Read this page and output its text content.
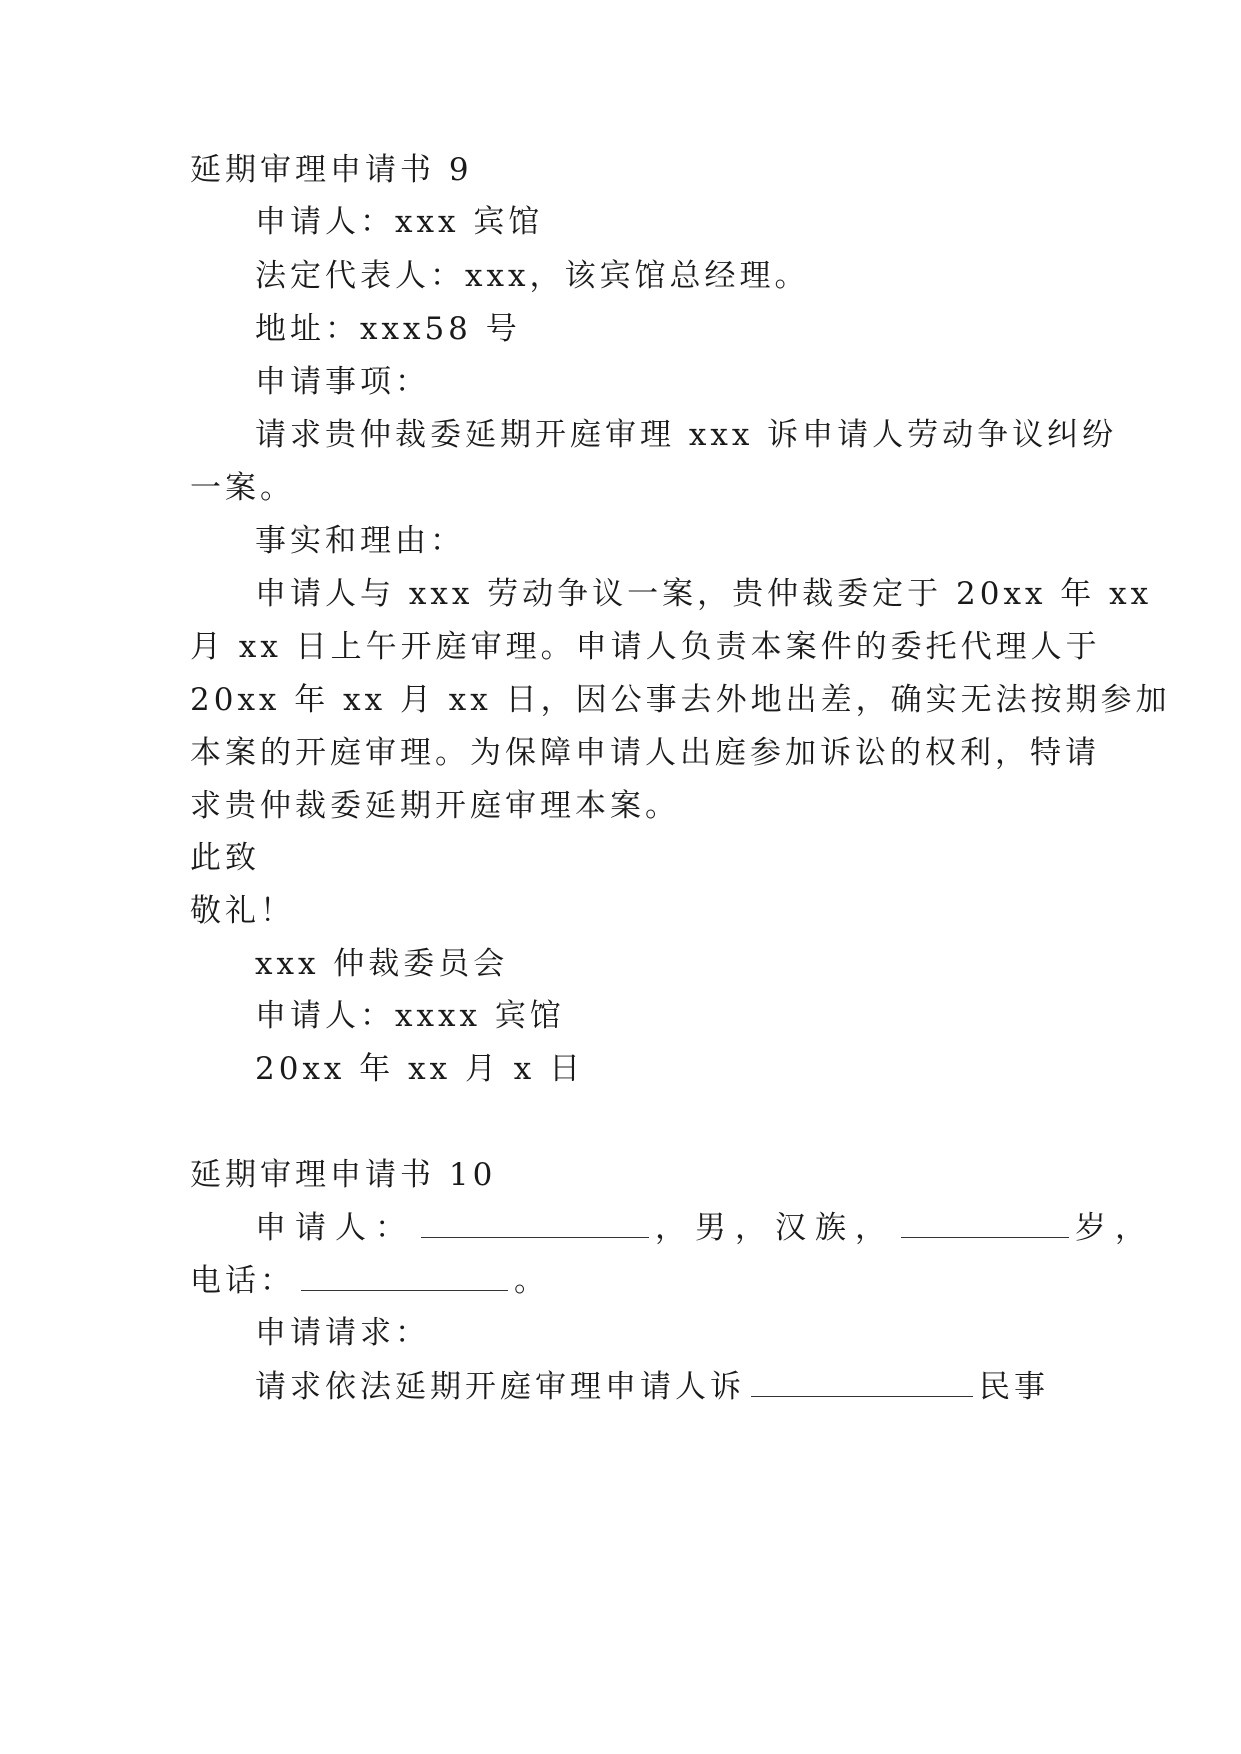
延期审理申请书 9
申请人：xxx 宾馆
法定代表人：xxx，该宾馆总经理。
地址：xxx58 号
申请事项：
请求贵仲裁委延期开庭审理 xxx 诉申请人劳动争议纠纷
一案。
事实和理由：
申请人与 xxx 劳动争议一案，贵仲裁委定于 20xx 年 xx
月 xx 日上午开庭审理。申请人负责本案件的委托代理人于
20xx 年 xx 月 xx 日，因公事去外地出差，确实无法按期参加
本案的开庭审理。为保障申请人出庭参加诉讼的权利，特请
求贵仲裁委延期开庭审理本案。
此致
敬礼！
xxx 仲裁委员会
申请人：xxxx 宾馆
20xx 年 xx 月 x 日
延期审理申请书 10
申请人：	，男，汉族，	岁，
电话：	。
申请请求：
请求依法延期开庭审理申请人诉	民事
